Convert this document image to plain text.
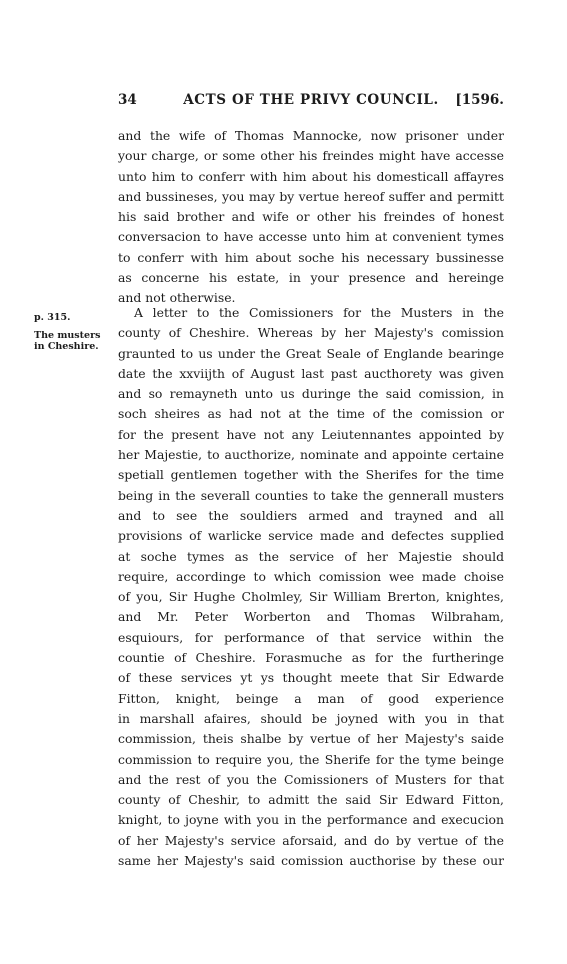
34	ACTS OF THE PRIVY COUNCIL.	[1596.
and the wife of Thomas Mannocke, now prisoner under
your charge, or some other his freindes might have accesse
unto him to conferr with him about his domesticall affayres
and bussineses, you may by vertue hereof suffer and permitt
his said brother and wife or other his freindes of honest
conversacion to have accesse unto him at convenient tymes
to conferr with him about soche his necessary bussinesse
as concerne his estate, in your presence and hereinge
and not otherwise.
p. 315.
The musters
in Cheshire.
A letter to the Comissioners for the Musters in the
county of Cheshire. Whereas by her Majesty's comission
graunted to us under the Great Seale of Englande bearinge
date the xxviijth of August last past aucthorety was given
and so remayneth unto us duringe the said comission, in
soch sheires as had not at the time of the comission or
for the present have not any Leiutennantes appointed by
her Majestie, to aucthorize, nominate and appointe certaine
spetiall gentlemen together with the Sherifes for the time
being in the severall counties to take the gennerall musters
and to see the souldiers armed and trayned and all
provisions of warlicke service made and defectes supplied
at soche tymes as the service of her Majestie should
require, accordinge to which comission wee made choise
of you, Sir Hughe Cholmley, Sir William Brerton, knightes,
and Mr. Peter Worberton and Thomas Wilbraham,
esquiours, for performance of that service within the
countie of Cheshire. Forasmuche as for the furtheringe
of these services yt ys thought meete that Sir Edwarde
Fitton, knight, beinge a man of good experience
in marshall afaires, should be joyned with you in that
commission, theis shalbe by vertue of her Majesty's saide
commission to require you, the Sherife for the tyme beinge
and the rest of you the Comissioners of Musters for that
county of Cheshir, to admitt the said Sir Edward Fitton,
knight, to joyne with you in the performance and execucion
of her Majesty's service aforsaid, and do by vertue of the
same her Majesty's said comission aucthorise by these our
